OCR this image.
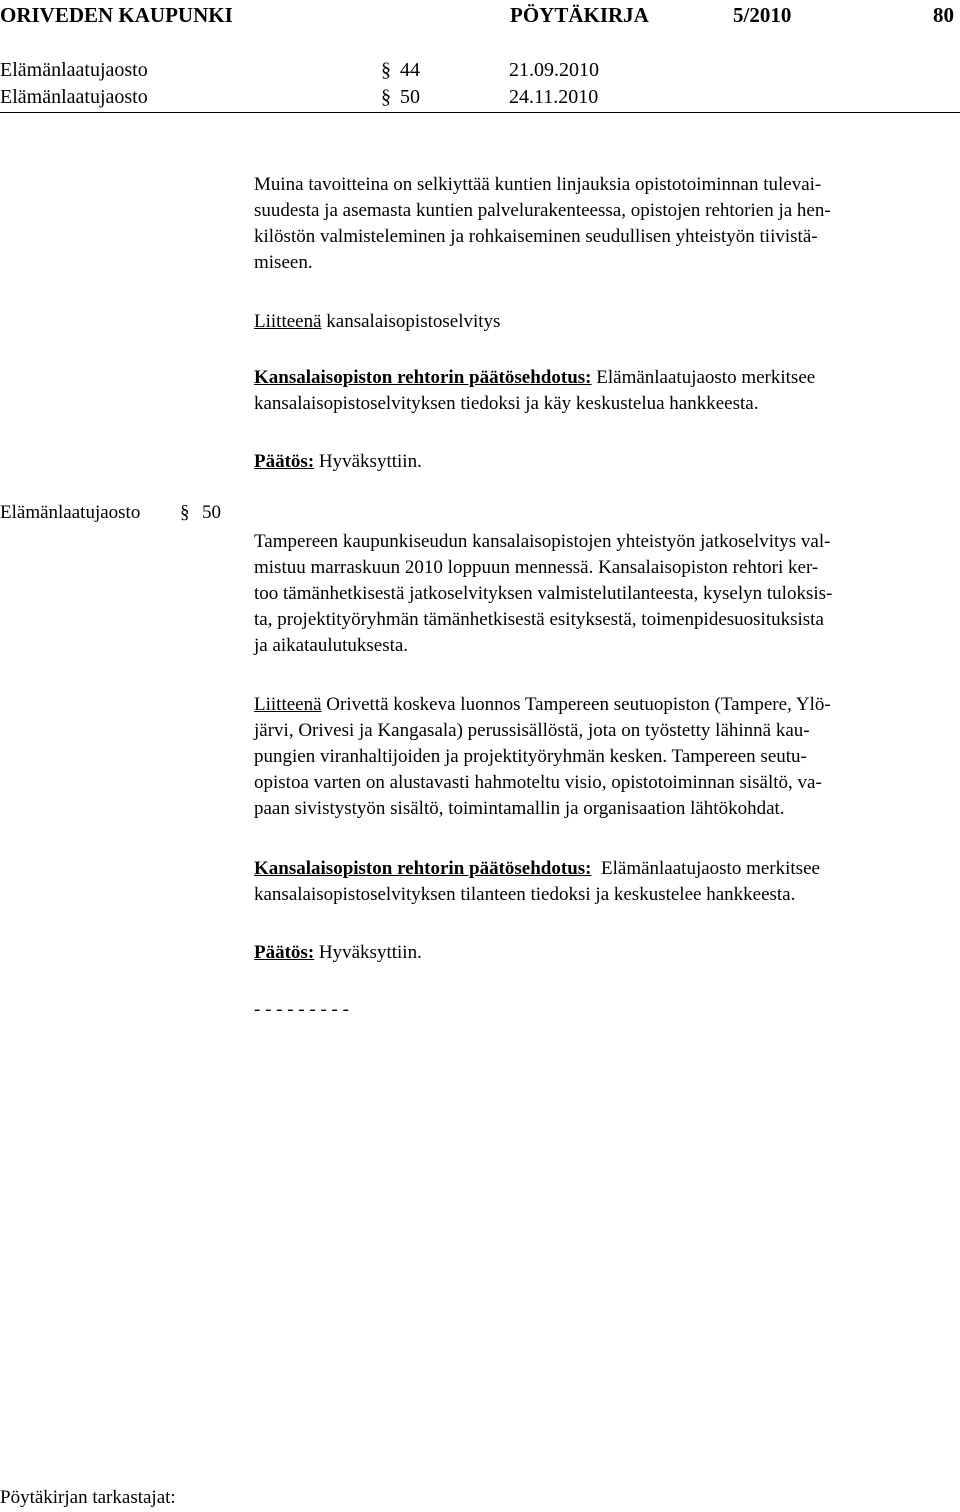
ORIVEDEN KAUPUNKI	PÖYTÄKIRJA	5/2010	80
Elämänlaatujaosto	§ 44	21.09.2010
Elämänlaatujaosto	§ 50	24.11.2010
Muina tavoitteina on selkiyttää kuntien linjauksia opistotoiminnan tulevai-
suudesta ja asemasta kuntien palvelurakenteessa, opistojen rehtorien ja hen-
kilöstön valmisteleminen ja rohkaiseminen seudullisen yhteistyön tiivistä-
miseen.
Liitteenä kansalaisopistoselvitys
Kansalaisopiston rehtorin päätösehdotus: Elämänlaatujaosto merkitsee
kansalaisopistoselvityksen tiedoksi ja käy keskustelua hankkeesta.
Päätös: Hyväksyttiin.
Elämänlaatujaosto § 50
Tampereen kaupunkiseudun kansalaisopistojen yhteistyön jatkoselvitys val-
mistuu marraskuun 2010 loppuun mennessä. Kansalaisopiston rehtori ker-
too tämänhetkisestä jatkoselvityksen valmistelutilanteesta, kyselyn tuloksis-
ta, projektityöryhmän tämänhetkisestä esityksestä, toimenpidesuosituksista
ja aikataulutuksesta.
Liitteenä Orivettä koskeva luonnos Tampereen seutuopiston (Tampere, Ylö-
järvi, Orivesi ja Kangasala) perussisällöstä, jota on työstetty lähinnä kau-
pungien viranhaltijoiden ja projektityöryhmän kesken. Tampereen seutu-
opistoa varten on alustavasti hahmoteltu visio, opistotoiminnan sisältö, va-
paan sivistystyön sisältö, toimintamallin ja organisaation lähtökohdat.
Kansalaisopiston rehtorin päätösehdotus:  Elämänlaatujaosto merkitsee
kansalaisopistoselvityksen tilanteen tiedoksi ja keskustelee hankkeesta.
Päätös: Hyväksyttiin.
- - - - - - - - -
Pöytäkirjan tarkastajat:
